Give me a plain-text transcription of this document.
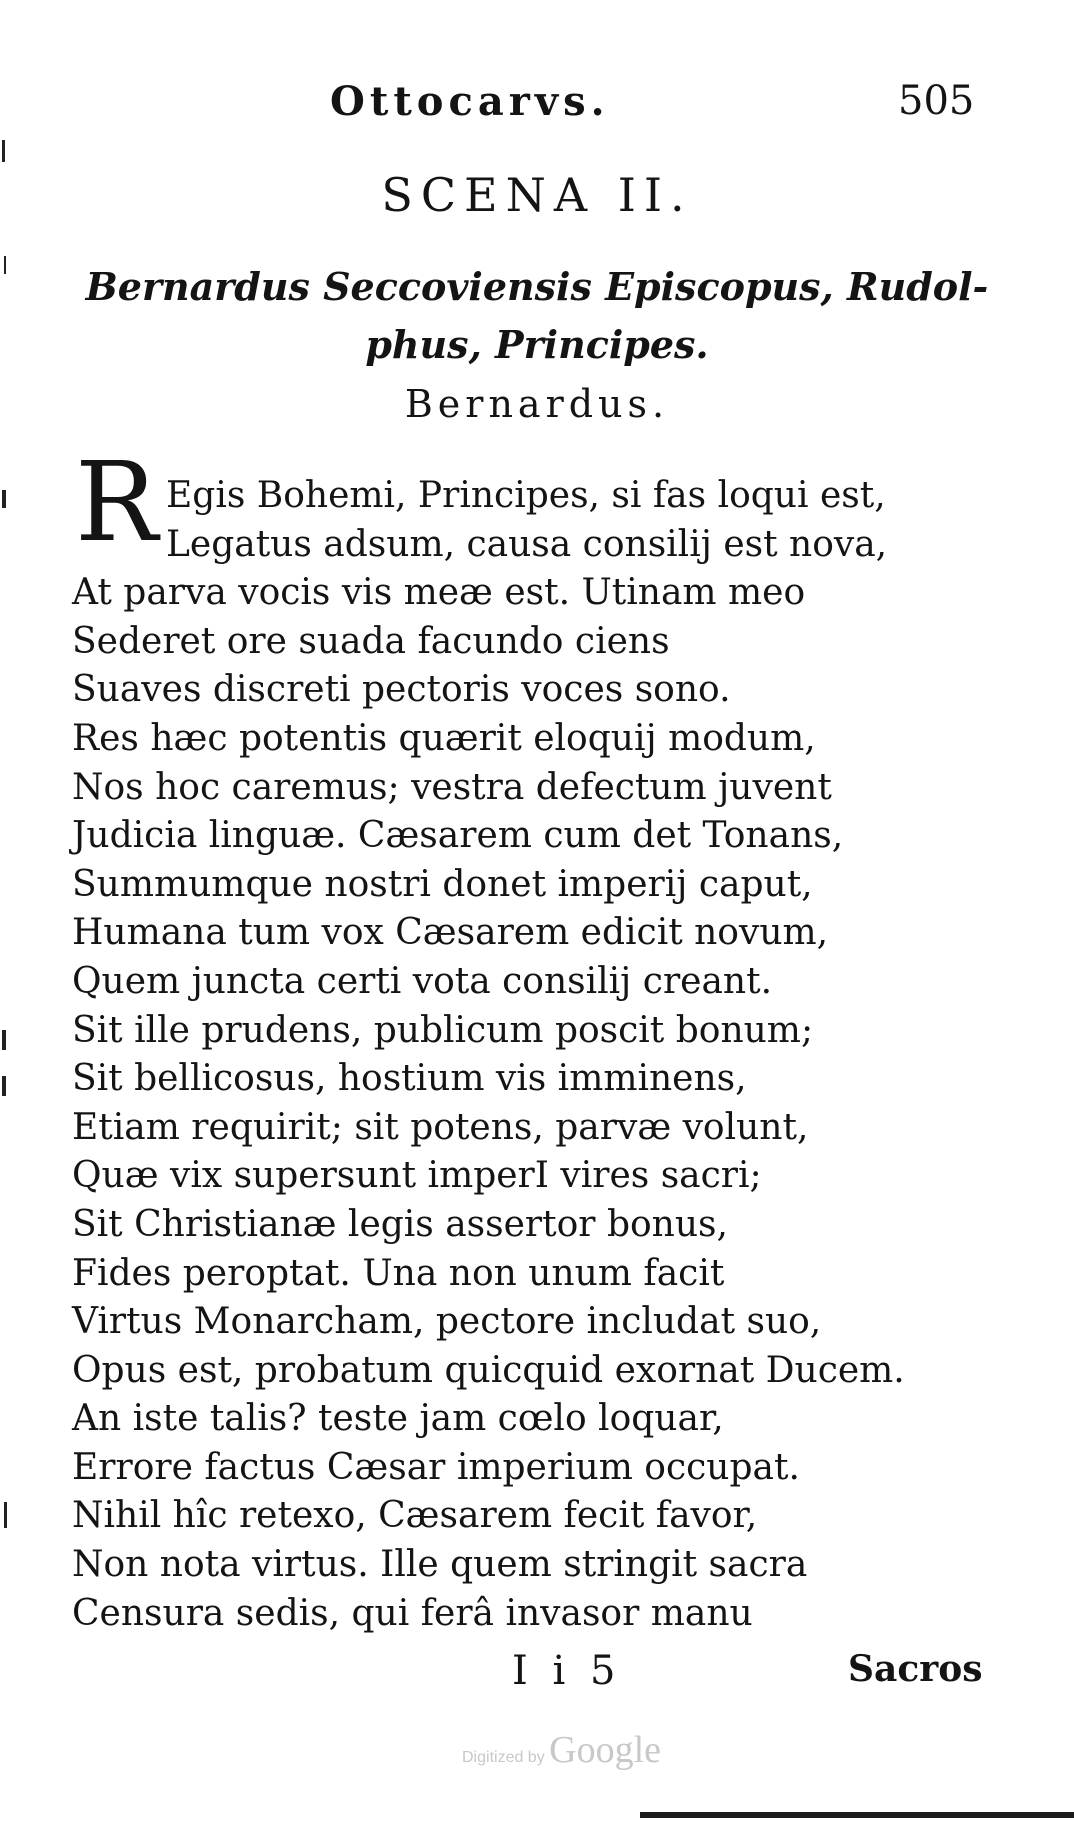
Ottocarvs.	505
SCENA II.
Bernardus Seccoviensis Episcopus, Rudol-
phus, Principes.
Bernardus.
R Egis Bohemi, Principes, si fas loqui est,
Legatus adsum, causa consilij est nova,
At parva vocis vis meæ est. Utinam meo
Sederet ore suada facundo ciens
Suaves discreti pectoris voces sono.
Res hæc potentis quærit eloquij modum,
Nos hoc caremus; vestra defectum juvent
Judicia linguæ. Cæsarem cum det Tonans,
Summumque nostri donet imperij caput,
Humana tum vox Cæsarem edicit novum,
Quem juncta certi vota consilij creant.
Sit ille prudens, publicum poscit bonum;
Sit bellicosus, hostium vis imminens,
Etiam requirit; sit potens, parvæ volunt,
Quæ vix supersunt imperI vires sacri;
Sit Christianæ legis assertor bonus,
Fides peroptat. Una non unum facit
Virtus Monarcham, pectore includat suo,
Opus est, probatum quicquid exornat Ducem.
An iste talis? teste jam cœlo loquar,
Errore factus Cæsar imperium occupat.
Nihil hîc retexo, Cæsarem fecit favor,
Non nota virtus. Ille quem stringit sacra
Censura sedis, qui ferâ invasor manu
I i 5	Sacros
Digitized by Google
